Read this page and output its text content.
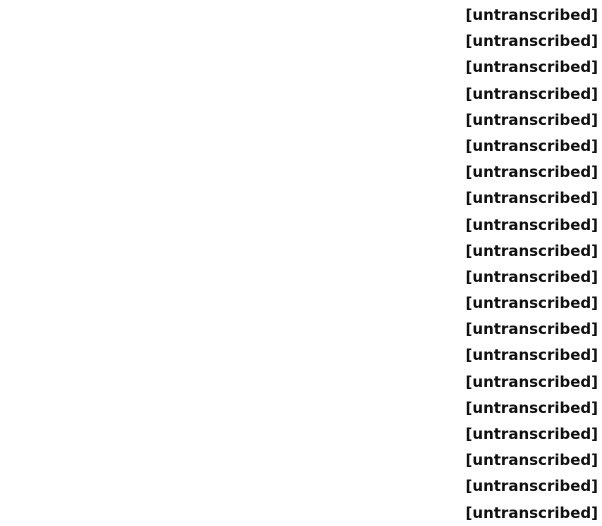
[untranscribed]
[untranscribed]
[untranscribed]
[untranscribed]
[untranscribed]
[untranscribed]
[untranscribed]
[untranscribed]
[untranscribed]
[untranscribed]
[untranscribed]
[untranscribed]
[untranscribed]
[untranscribed]
[untranscribed]
[untranscribed]
[untranscribed]
[untranscribed]
[untranscribed]
[untranscribed]
